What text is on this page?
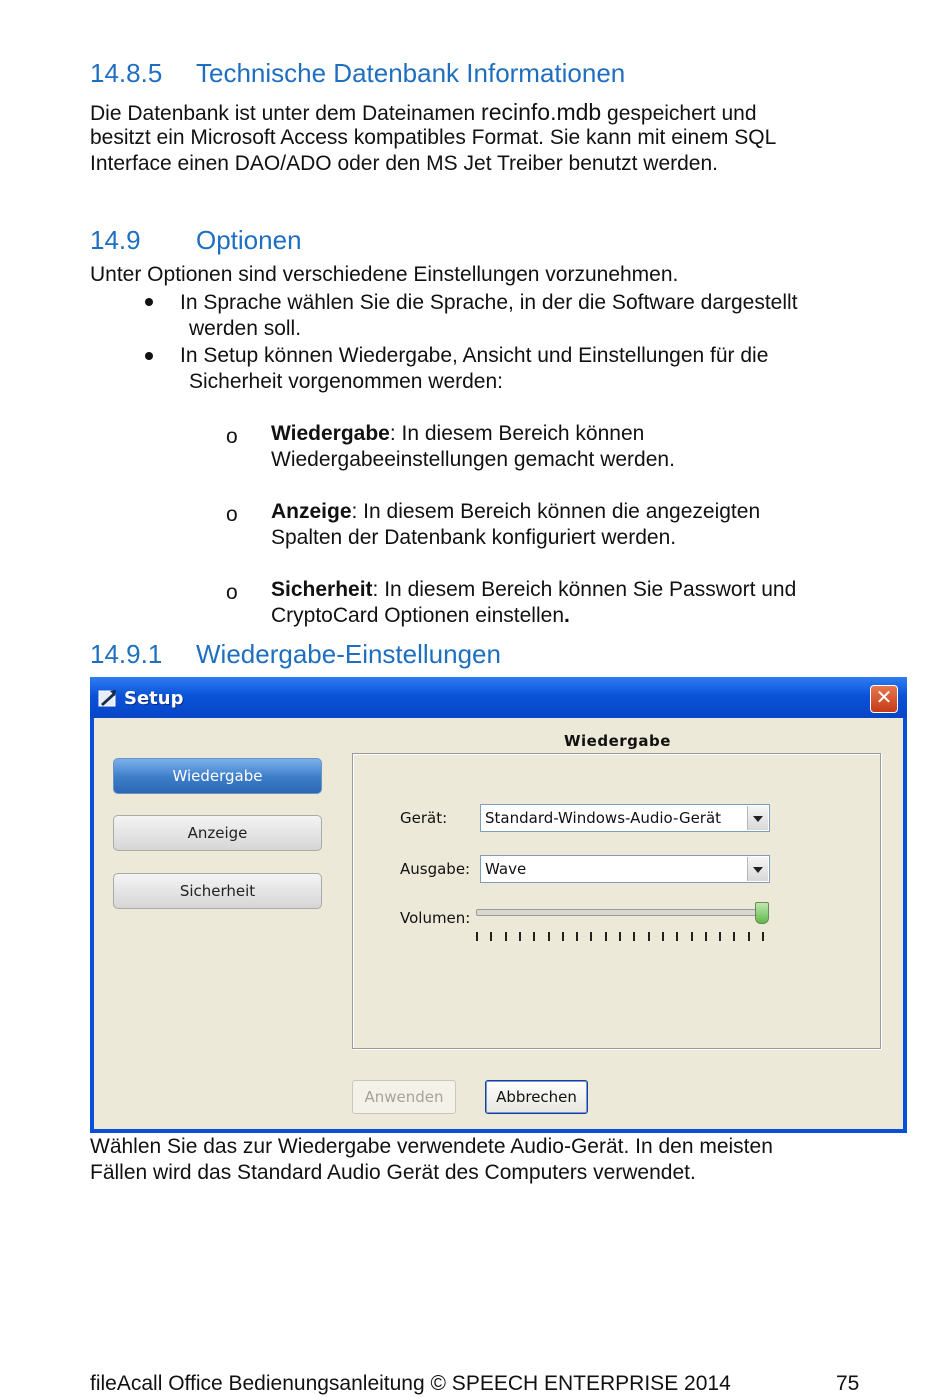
14.8.5	Technische Datenbank Informationen

Die Datenbank ist unter dem Dateinamen recinfo.mdb gespeichert und

besitzt ein Microsoft Access kompatibles Format. Sie kann mit einem SQL

Interface einen DAO/ADO oder den MS Jet Treiber benutzt werden.

14.9	Optionen

Unter Optionen sind verschiedene Einstellungen vorzunehmen.

In Sprache wählen Sie die Sprache, in der die Software dargestellt

werden soll.

In Setup können Wiedergabe, Ansicht und Einstellungen für die

Sicherheit vorgenommen werden:

o Wiedergabe: In diesem Bereich können

Wiedergabeeinstellungen gemacht werden.

o Anzeige: In diesem Bereich können die angezeigten

Spalten der Datenbank konfiguriert werden.

o Sicherheit: In diesem Bereich können Sie Passwort und

CryptoCard Optionen einstellen.

14.9.1	Wiedergabe-Einstellungen
Setup	✕
Wiedergabe
Anzeige
Sicherheit
Wiedergabe
Gerät:	Standard-Windows-Audio-Gerät
Ausgabe: Wave
Volumen:
Anwenden	Abbrechen

Wählen Sie das zur Wiedergabe verwendete Audio-Gerät. In den meisten

Fällen wird das Standard Audio Gerät des Computers verwendet.

fileAcall Office Bedienungsanleitung © SPEECH ENTERPRISE 2014	75
